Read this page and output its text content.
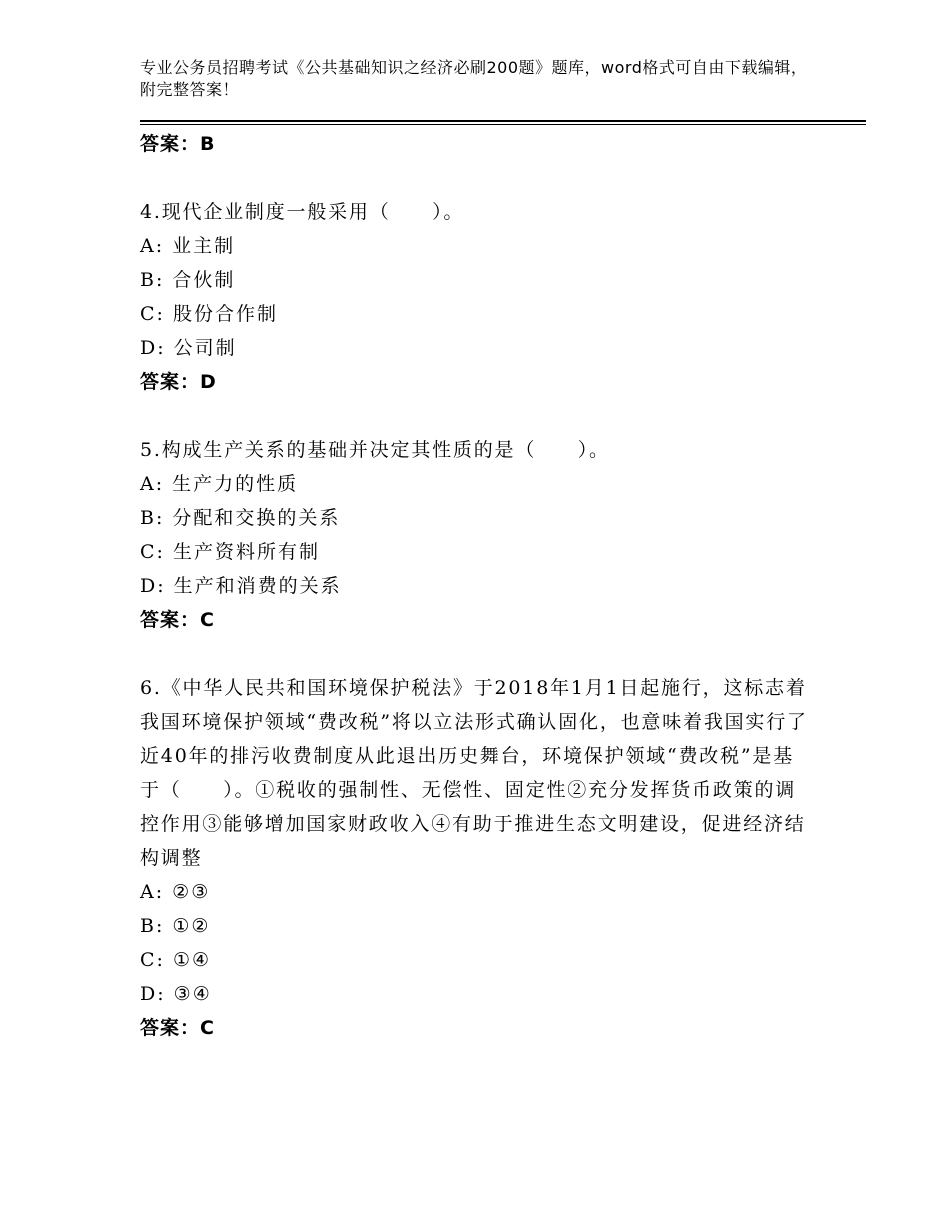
专业公务员招聘考试《公共基础知识之经济必刷200题》题库，word格式可自由下载编辑，附完整答案！
答案：B
4.现代企业制度一般采用（　　）。
A: 业主制
B: 合伙制
C: 股份合作制
D: 公司制
答案：D
5.构成生产关系的基础并决定其性质的是（　　）。
A: 生产力的性质
B: 分配和交换的关系
C: 生产资料所有制
D: 生产和消费的关系
答案：C
6.《中华人民共和国环境保护税法》于2018年1月1日起施行，这标志着我国环境保护领域“费改税”将以立法形式确认固化，也意味着我国实行了近40年的排污收费制度从此退出历史舞台，环境保护领域“费改税”是基于（　　）。①税收的强制性、无偿性、固定性②充分发挥货币政策的调控作用③能够增加国家财政收入④有助于推进生态文明建设，促进经济结构调整
A: ②③
B: ①②
C: ①④
D: ③④
答案：C
